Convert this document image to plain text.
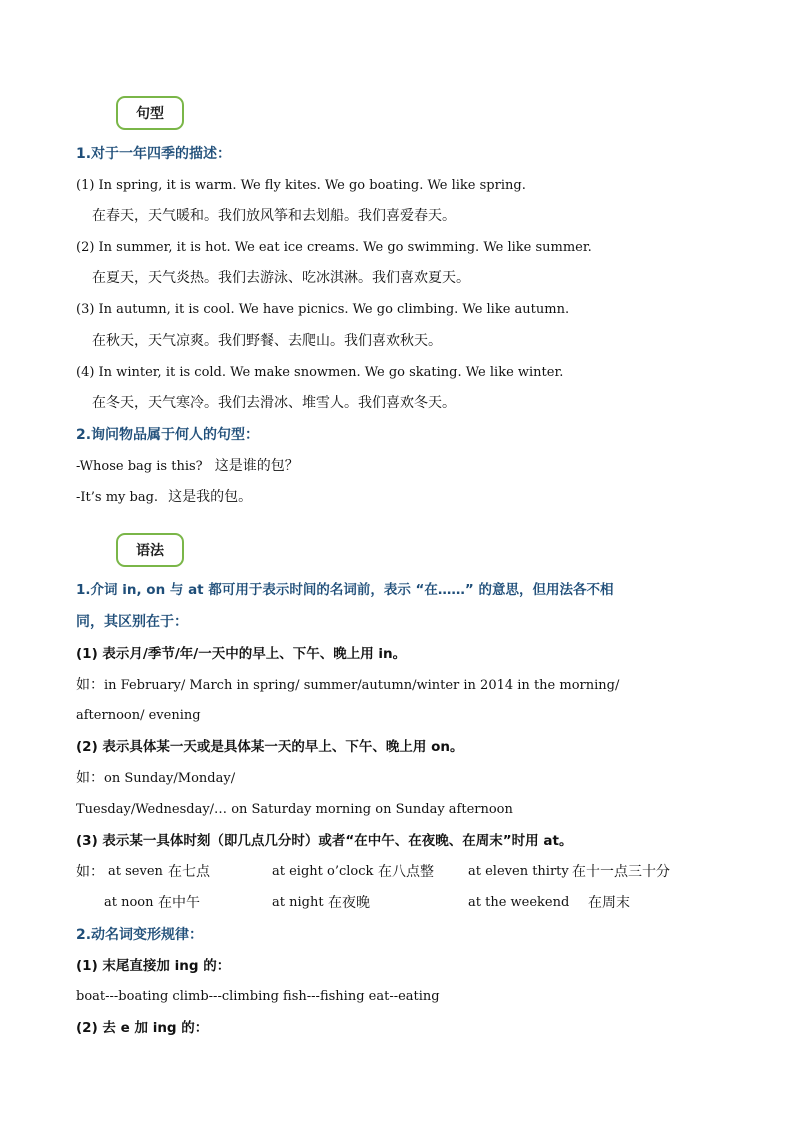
句型
1.对于一年四季的描述：
(1) In spring, it is warm. We fly kites. We go boating. We like spring.
在春天，天气暖和。我们放风筝和去划船。我们喜爱春天。
(2) In summer, it is hot. We eat ice creams. We go swimming. We like summer.
在夏天，天气炎热。我们去游泳、吃冰淇淋。我们喜欢夏天。
(3) In autumn, it is cool. We have picnics. We go climbing. We like autumn.
在秋天，天气凉爽。我们野餐、去爬山。我们喜欢秋天。
(4) In winter, it is cold. We make snowmen. We go skating. We like winter.
在冬天，天气寒冷。我们去滑冰、堆雪人。我们喜欢冬天。
2.询问物品属于何人的句型：
-Whose bag is this? 这是谁的包？
-It’s my bag. 这是我的包。
语法
1.介词 in, on 与 at 都可用于表示时间的名词前，表示 “在……” 的意思，但用法各不相
同，其区别在于：
(1) 表示月/季节/年/一天中的早上、下午、晚上用 in。
如：in February/ March in spring/ summer/autumn/winter in 2014 in the morning/
afternoon/ evening
(2) 表示具体某一天或是具体某一天的早上、下午、晚上用 on。
如：on Sunday/Monday/
Tuesday/Wednesday/… on Saturday morning on Sunday afternoon
(3) 表示某一具体时刻（即几点几分时）或者“在中午、在夜晚、在周末”时用 at。
如： at seven 在七点	at eight o’clock 在八点整	at eleven thirty 在十一点三十分
at noon 在中午	at night 在夜晚	at the weekend 在周末
2.动名词变形规律：
(1) 末尾直接加 ing 的：
boat---boating climb---climbing fish---fishing eat--eating
(2) 去 e 加 ing 的：
